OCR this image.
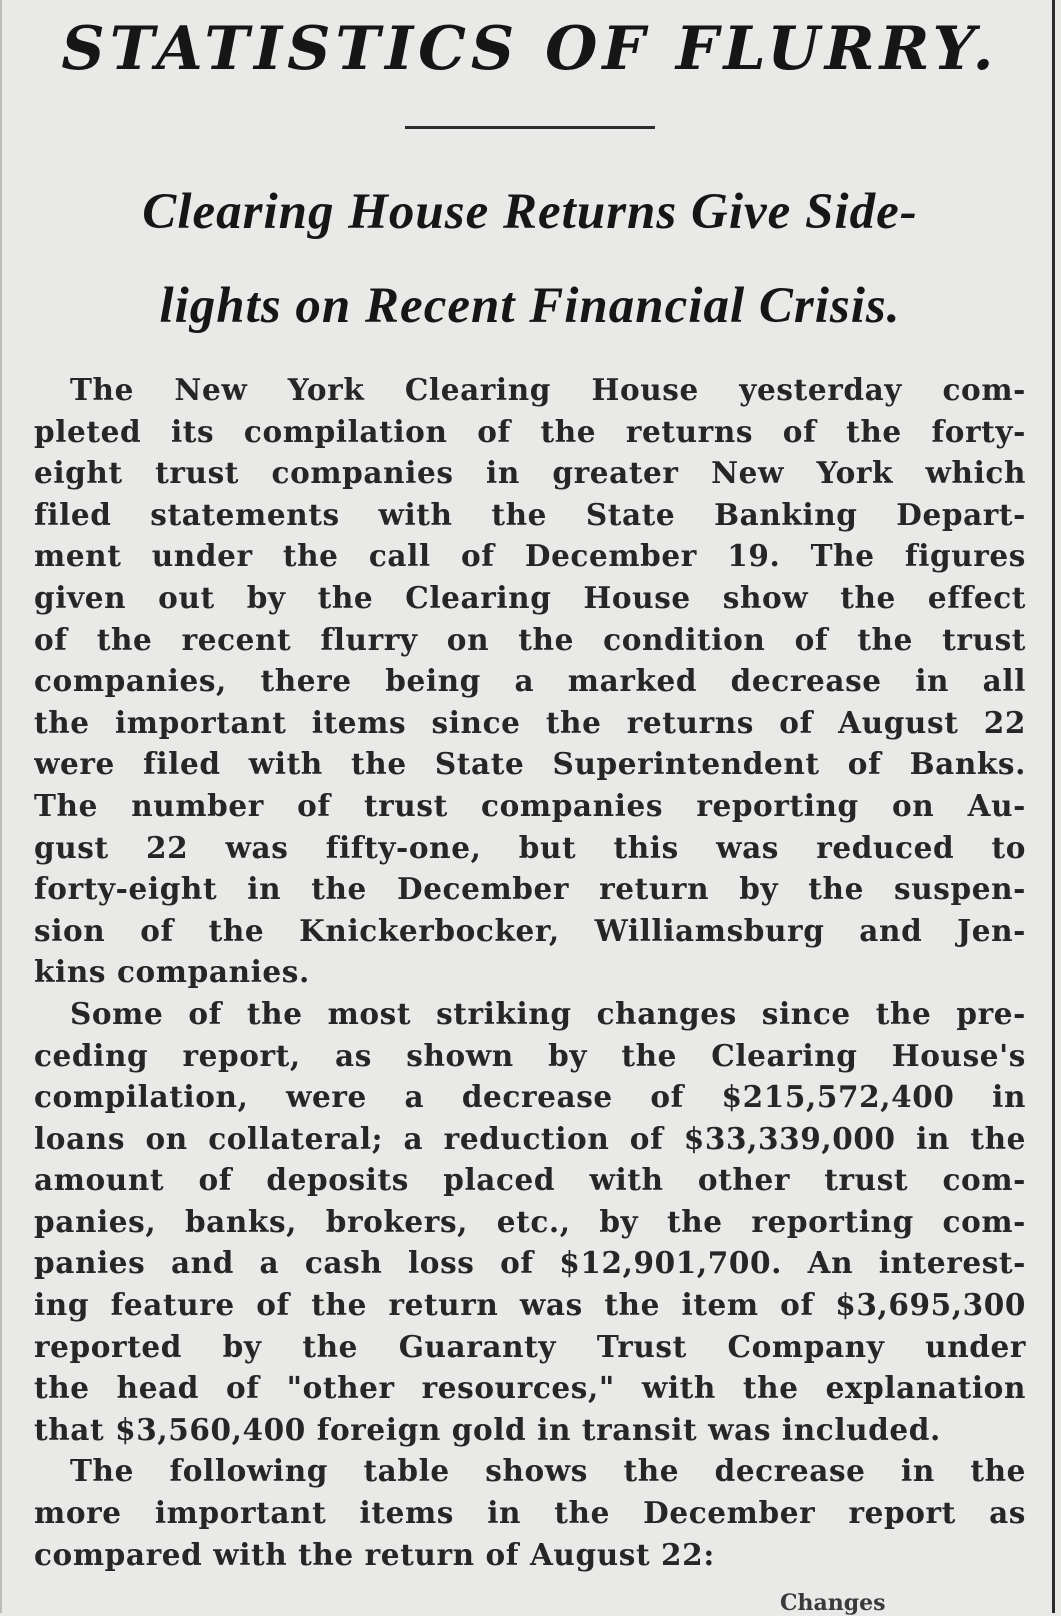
STATISTICS OF FLURRY.
Clearing House Returns Give Side-
lights on Recent Financial Crisis.

The New York Clearing House yesterday com-
pleted its compilation of the returns of the forty-
eight trust companies in greater New York which
filed statements with the State Banking Depart-
ment under the call of December 19. The figures
given out by the Clearing House show the effect
of the recent flurry on the condition of the trust
companies, there being a marked decrease in all
the important items since the returns of August 22
were filed with the State Superintendent of Banks.
The number of trust companies reporting on Au-
gust 22 was fifty-one, but this was reduced to
forty-eight in the December return by the suspen-
sion of the Knickerbocker, Williamsburg and Jen-
kins companies.

Some of the most striking changes since the pre-
ceding report, as shown by the Clearing House's
compilation, were a decrease of $215,572,400 in
loans on collateral; a reduction of $33,339,000 in the
amount of deposits placed with other trust com-
panies, banks, brokers, etc., by the reporting com-
panies and a cash loss of $12,901,700. An interest-
ing feature of the return was the item of $3,695,300
reported by the Guaranty Trust Company under
the head of "other resources," with the explanation
that $3,560,400 foreign gold in transit was included.

The following table shows the decrease in the
more important items in the December report as
compared with the return of August 22:

Changes
